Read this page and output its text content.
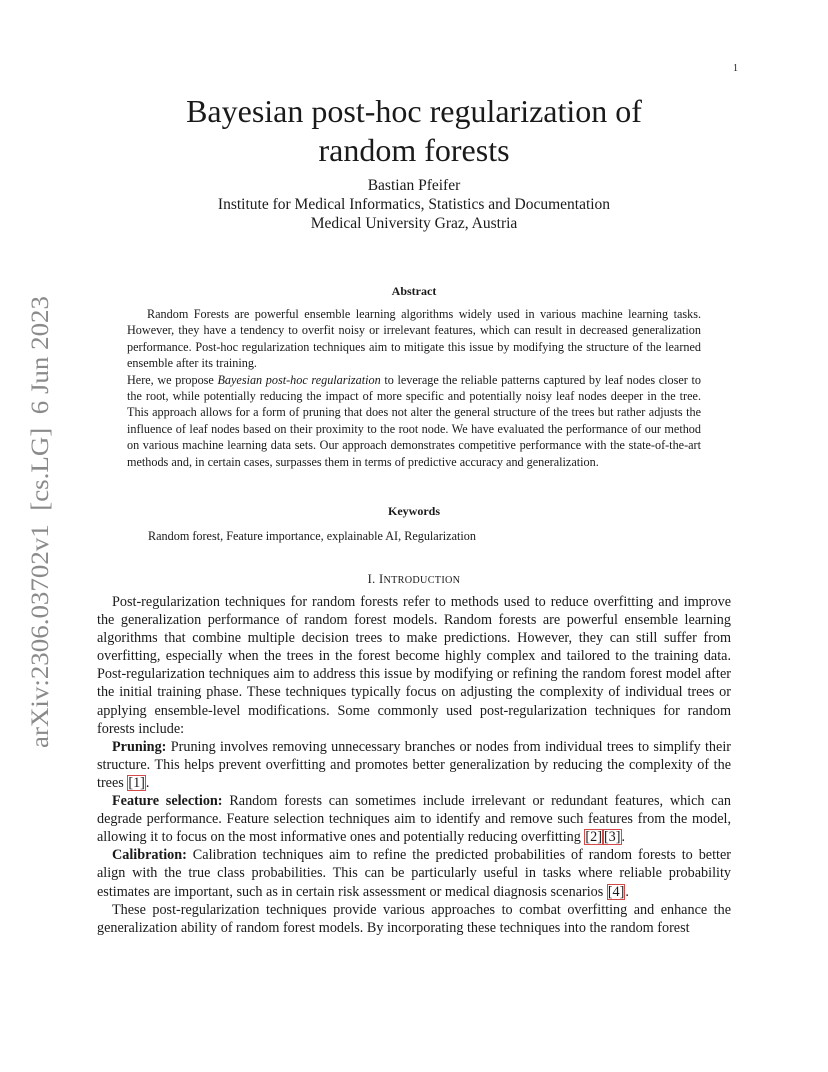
1
arXiv:2306.03702v1  [cs.LG]  6 Jun 2023
Bayesian post-hoc regularization of
random forests
Bastian Pfeifer
Institute for Medical Informatics, Statistics and Documentation
Medical University Graz, Austria
Abstract

Random Forests are powerful ensemble learning algorithms widely used in various machine learning tasks. However, they have a tendency to overfit noisy or irrelevant features, which can result in decreased generalization performance. Post-hoc regularization techniques aim to mitigate this issue by modifying the structure of the learned ensemble after its training.

Here, we propose Bayesian post-hoc regularization to leverage the reliable patterns captured by leaf nodes closer to the root, while potentially reducing the impact of more specific and potentially noisy leaf nodes deeper in the tree. This approach allows for a form of pruning that does not alter the general structure of the trees but rather adjusts the influence of leaf nodes based on their proximity to the root node. We have evaluated the performance of our method on various machine learning data sets. Our approach demonstrates competitive performance with the state-of-the-art methods and, in certain cases, surpasses them in terms of predictive accuracy and generalization.

Keywords
Random forest, Feature importance, explainable AI, Regularization
I. INTRODUCTION

Post-regularization techniques for random forests refer to methods used to reduce overfitting and improve the generalization performance of random forest models. Random forests are powerful ensemble learning algorithms that combine multiple decision trees to make predictions. However, they can still suffer from overfitting, especially when the trees in the forest become highly complex and tailored to the training data. Post-regularization techniques aim to address this issue by modifying or refining the random forest model after the initial training phase. These techniques typically focus on adjusting the complexity of individual trees or applying ensemble-level modifications. Some commonly used post-regularization techniques for random forests include:

Pruning: Pruning involves removing unnecessary branches or nodes from individual trees to simplify their structure. This helps prevent overfitting and promotes better generalization by reducing the complexity of the trees [1].

Feature selection: Random forests can sometimes include irrelevant or redundant features, which can degrade performance. Feature selection techniques aim to identify and remove such features from the model, allowing it to focus on the most informative ones and potentially reducing overfitting [2] [3].

Calibration: Calibration techniques aim to refine the predicted probabilities of random forests to better align with the true class probabilities. This can be particularly useful in tasks where reliable probability estimates are important, such as in certain risk assessment or medical diagnosis scenarios [4].

These post-regularization techniques provide various approaches to combat overfitting and enhance the generalization ability of random forest models. By incorporating these techniques into the random forest
